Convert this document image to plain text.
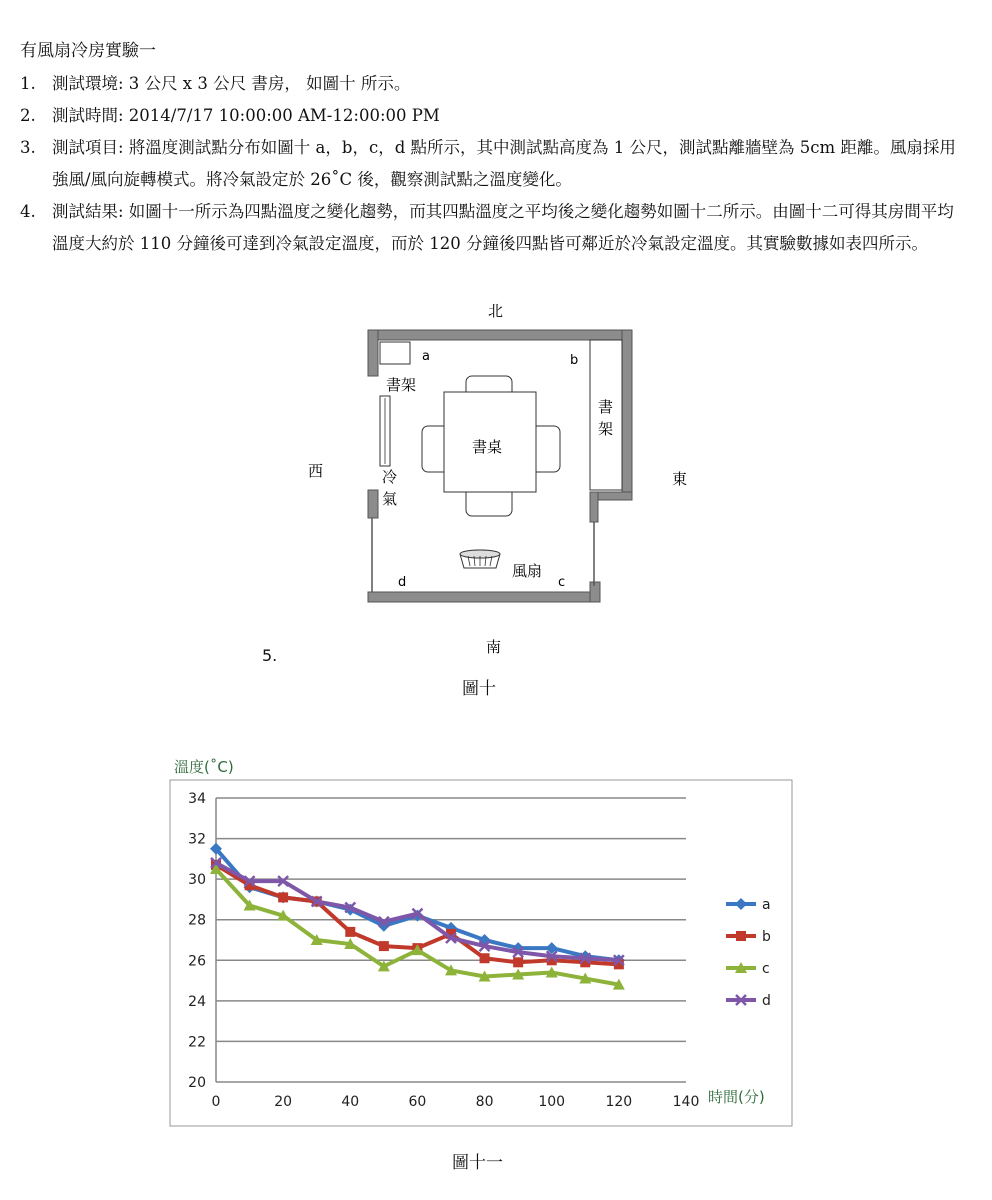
有風扇冷房實驗一
1. 測試環境: 3 公尺 x 3 公尺 書房， 如圖十 所示。
2. 測試時間: 2014/7/17 10:00:00 AM-12:00:00 PM
3. 測試項目: 將溫度測試點分布如圖十 a，b，c，d 點所示，其中測試點高度為 1 公尺，測試點離牆壁為 5cm 距離。風扇採用強風/風向旋轉模式。將冷氣設定於 26˚C 後，觀察測試點之溫度變化。
4. 測試結果: 如圖十一所示為四點溫度之變化趨勢，而其四點溫度之平均後之變化趨勢如圖十二所示。由圖十二可得其房間平均溫度大約於 110 分鐘後可達到冷氣設定溫度，而於 120 分鐘後四點皆可鄰近於冷氣設定溫度。其實驗數據如表四所示。
北
南
西	東
a	b
d	c
書架
書
架
書桌
冷
氣
風扇
5.
圖十
溫度(˚C)
20
22
24
26
28
30
32
34
0	20	40	60	80	100	120	140
a
b
c
d
時間(分)
圖十一
